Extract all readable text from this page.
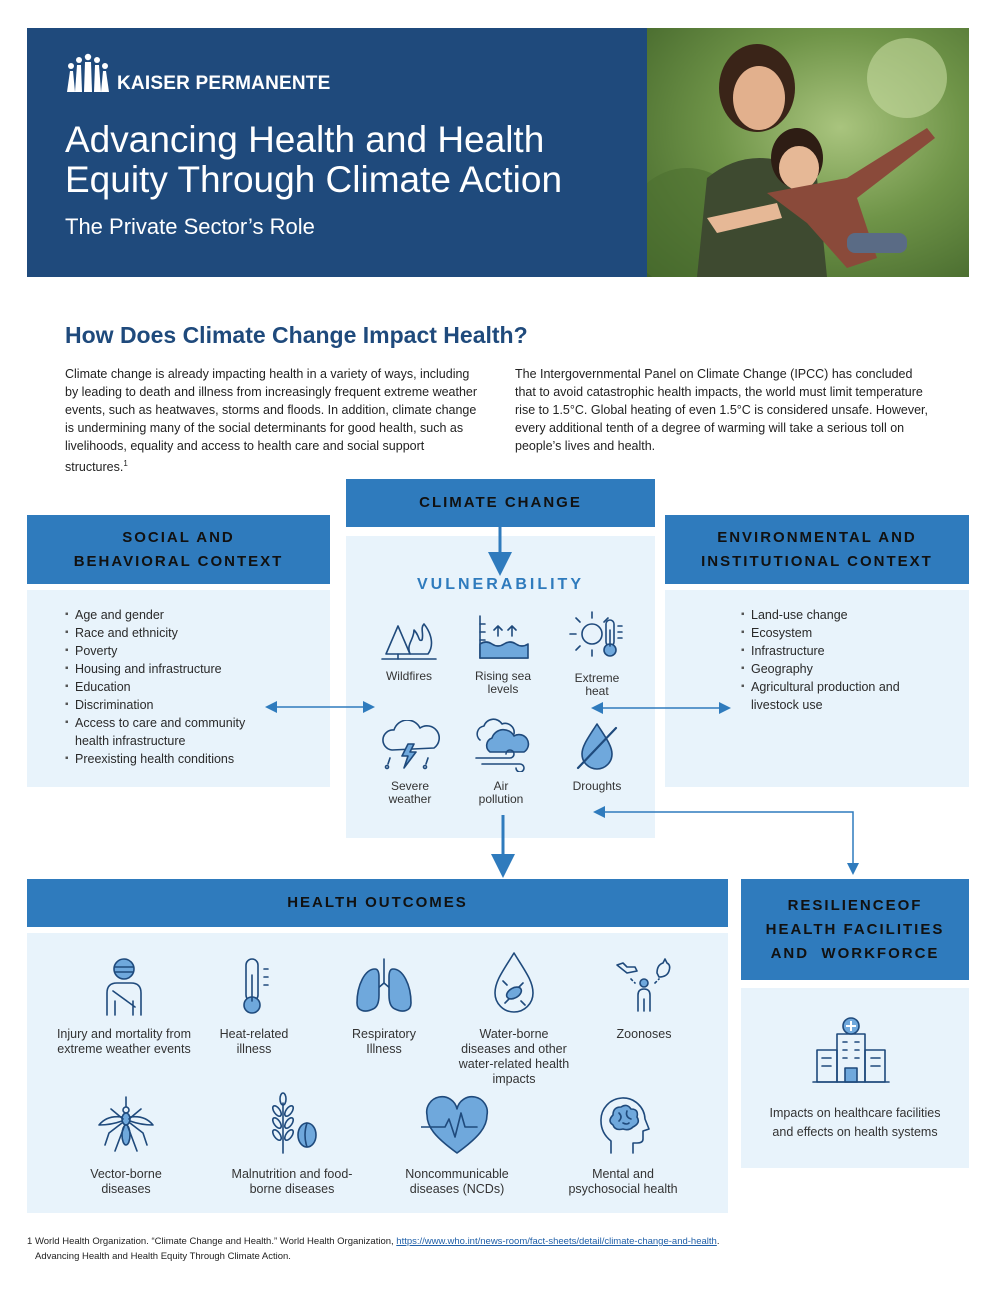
KAISER PERMANENTE
Advancing Health and Health
Equity Through Climate Action
The Private Sector’s Role
How Does Climate Change Impact Health?

Climate change is already impacting health in a variety of ways, including by leading to death and illness from increasingly frequent extreme weather events, such as heatwaves, storms and floods. In addition, climate change is undermining many of the social determinants for good health, such as livelihoods, equality and access to health care and social support structures.$^1$

The Intergovernmental Panel on Climate Change (IPCC) has concluded that to avoid catastrophic health impacts, the world must limit temperature rise to 1.5°C. Global heating of even 1.5°C is considered unsafe. However, every additional tenth of a degree of warming will take a serious toll on people’s lives and health.

CLIMATE CHANGE
SOCIAL AND
BEHAVIORAL CONTEXT
▪ Age and gender
▪ Race and ethnicity
▪ Poverty
▪ Housing and infrastructure
▪ Education
▪ Discrimination
▪ Access to care and community health infrastructure
▪ Preexisting health conditions
ENVIRONMENTAL AND
INSTITUTIONAL CONTEXT
▪ Land-use change
▪ Ecosystem
▪ Infrastructure
▪ Geography
▪ Agricultural production and livestock use
VULNERABILITY
Wildfires	Rising sea levels
Extreme heat
Severe weather
Air pollution
Droughts
HEALTH OUTCOMES
Injury and mortality from extreme weather events
Heat-related illness
Respiratory Illness
Water-borne diseases and other water-related health impacts
Zoonoses
Vector-borne diseases
Malnutrition and food-borne diseases
Noncommunicable diseases (NCDs)
Mental and psychosocial health
RESILIENCEOF
HEALTH FACILITIES
AND  WORKFORCE

Impacts on healthcare facilities and effects on health systems

1 World Health Organization. “Climate Change and Health.” World Health Organization, https://www.who.int/news-room/fact-sheets/detail/climate-change-and-health.
Advancing Health and Health Equity Through Climate Action.
